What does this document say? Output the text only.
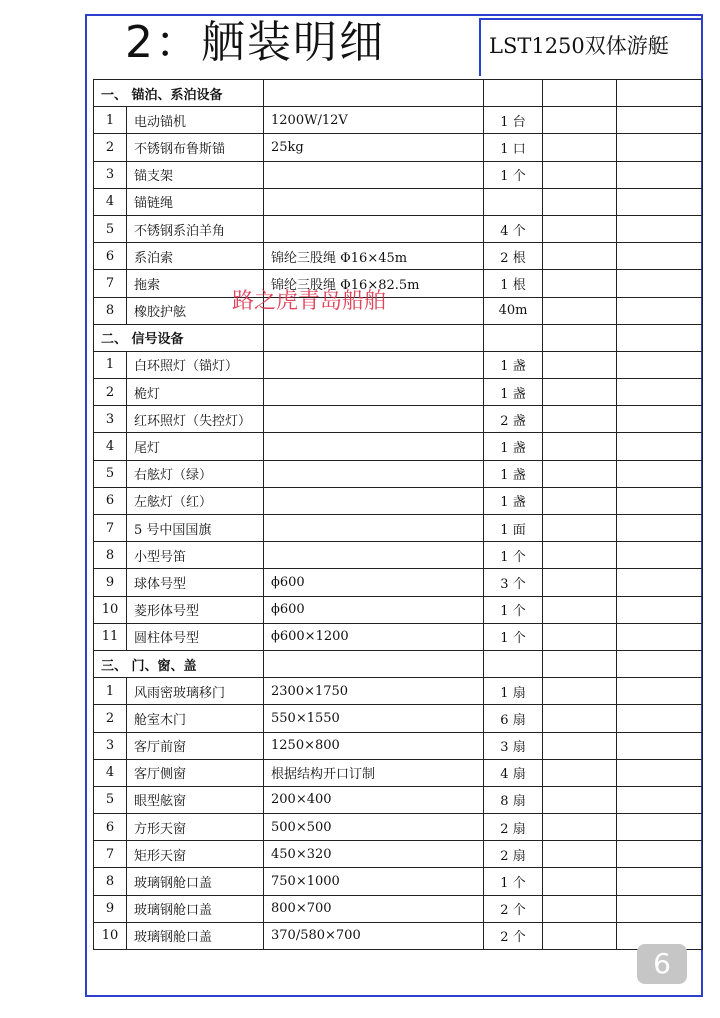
2：舾装明细	LST1250双体游艇
一、 锚泊、系泊设备					
1	电动锚机	1200W/12V	1 台		
2	不锈钢布鲁斯锚	25kg	1 口		
3	锚支架		1 个		
4	锚链绳				
5	不锈钢系泊羊角		4 个		
6	系泊索	锦纶三股绳 Φ16×45m	2 根		
7	拖索	锦纶三股绳 Φ16×82.5m	1 根		
8	橡胶护舷		40m		
二、 信号设备					
1	白环照灯（锚灯）		1 盏		
2	桅灯		1 盏		
3	红环照灯（失控灯）		2 盏		
4	尾灯		1 盏		
5	右舷灯（绿）		1 盏		
6	左舷灯（红）		1 盏		
7	5 号中国国旗		1 面		
8	小型号笛		1 个		
9	球体号型	ϕ600	3 个		
10	菱形体号型	ϕ600	1 个		
11	圆柱体号型	ϕ600×1200	1 个		
三、 门、窗、盖					
1	风雨密玻璃移门	2300×1750	1 扇		
2	舱室木门	550×1550	6 扇		
3	客厅前窗	1250×800	3 扇		
4	客厅侧窗	根据结构开口订制	4 扇		
5	眼型舷窗	200×400	8 扇		
6	方形天窗	500×500	2 扇		
7	矩形天窗	450×320	2 扇		
8	玻璃钢舱口盖	750×1000	1 个		
9	玻璃钢舱口盖	800×700	2 个		
10	玻璃钢舱口盖	370/580×700	2 个		
路之虎青岛船舶
6
